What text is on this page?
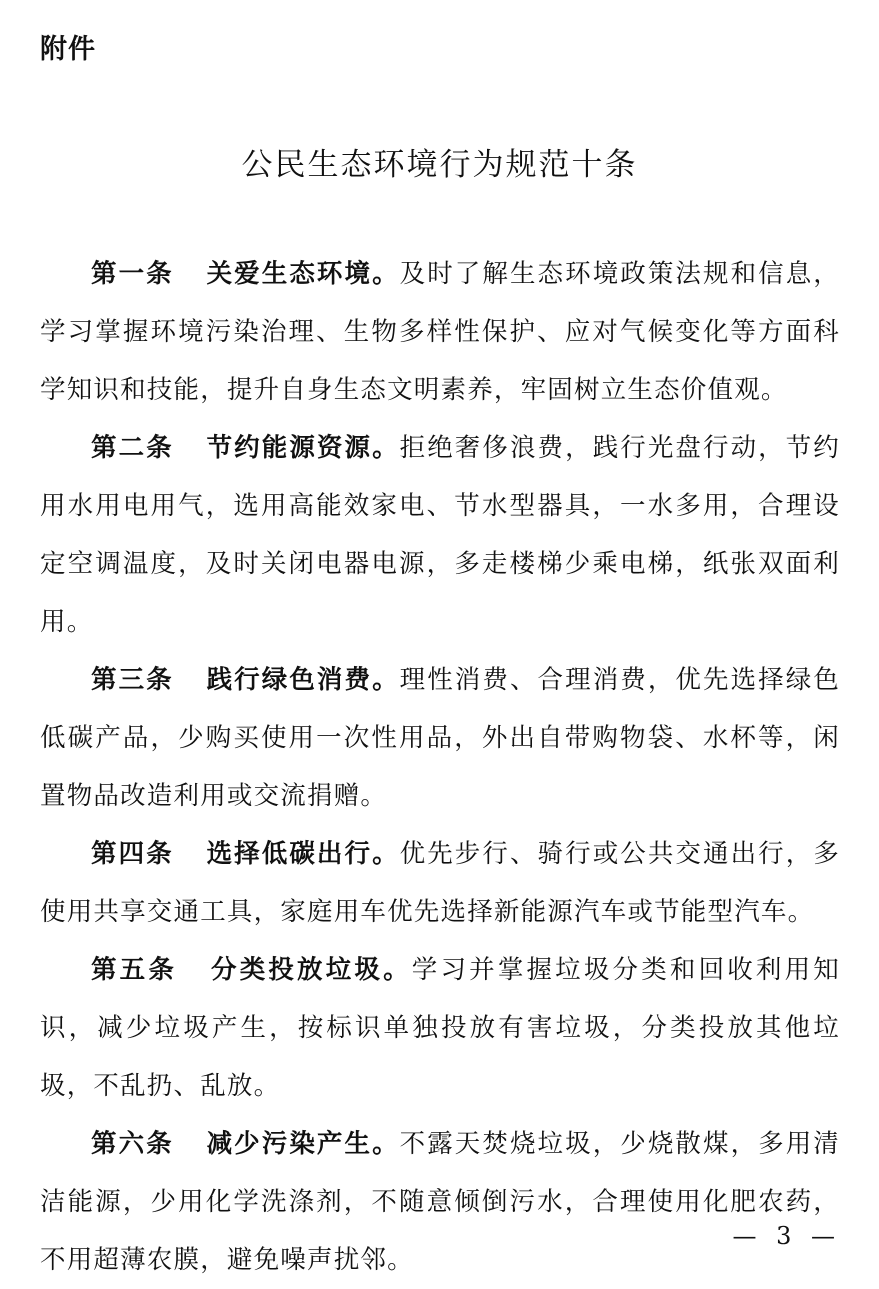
附件
公民生态环境行为规范十条

第一条 关爱生态环境。及时了解生态环境政策法规和信息，学习掌握环境污染治理、生物多样性保护、应对气候变化等方面科学知识和技能，提升自身生态文明素养，牢固树立生态价值观。

第二条 节约能源资源。拒绝奢侈浪费，践行光盘行动，节约用水用电用气，选用高能效家电、节水型器具，一水多用，合理设定空调温度，及时关闭电器电源，多走楼梯少乘电梯，纸张双面利用。

第三条 践行绿色消费。理性消费、合理消费，优先选择绿色低碳产品，少购买使用一次性用品，外出自带购物袋、水杯等，闲置物品改造利用或交流捐赠。

第四条 选择低碳出行。优先步行、骑行或公共交通出行，多使用共享交通工具，家庭用车优先选择新能源汽车或节能型汽车。

第五条 分类投放垃圾。学习并掌握垃圾分类和回收利用知识，减少垃圾产生，按标识单独投放有害垃圾，分类投放其他垃圾，不乱扔、乱放。

第六条 减少污染产生。不露天焚烧垃圾，少烧散煤，多用清洁能源，少用化学洗涤剂，不随意倾倒污水，合理使用化肥农药，不用超薄农膜，避免噪声扰邻。

— 3 —
